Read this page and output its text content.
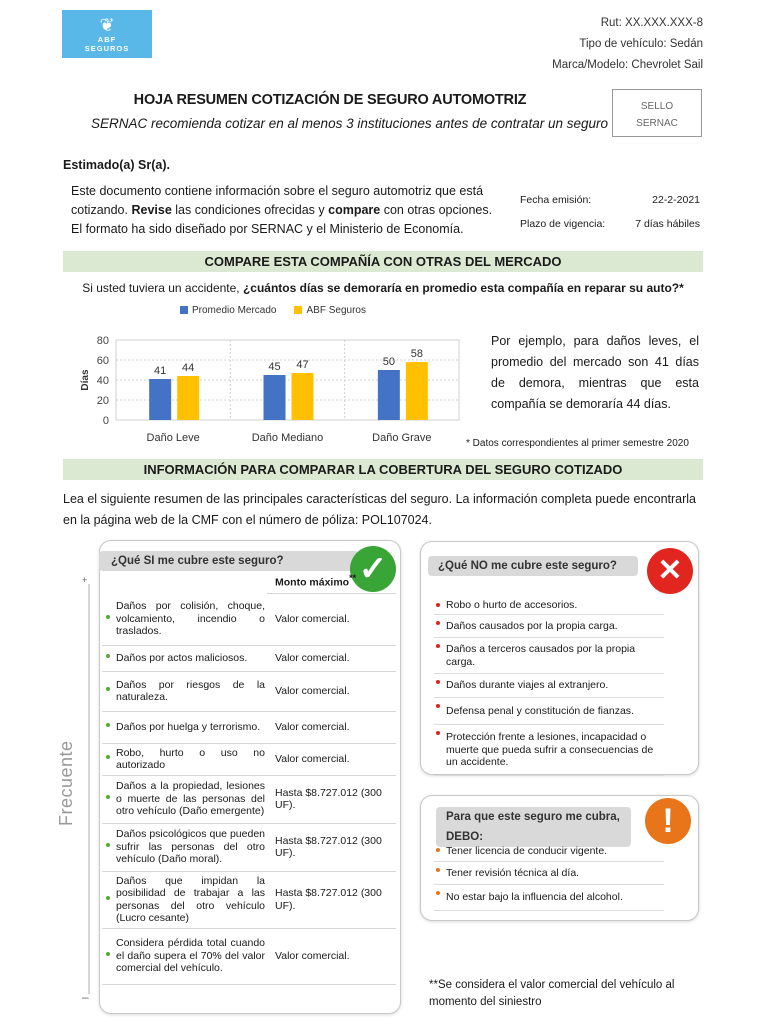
❦
ABF
SEGUROS
Rut: XX.XXX.XXX-8
Tipo de vehículo: Sedán
Marca/Modelo: Chevrolet Sail
HOJA RESUMEN COTIZACIÓN DE SEGURO AUTOMOTRIZ
SERNAC recomienda cotizar en al menos 3 instituciones antes de contratar un seguro
SELLO
SERNAC
Estimado(a) Sr(a).
Este documento contiene información sobre el seguro automotriz que está cotizando. Revise las condiciones ofrecidas y compare con otras opciones. El formato ha sido diseñado por SERNAC y el Ministerio de Economía.
Fecha emisión:	22-2-2021
Plazo de vigencia:	7 días hábiles
COMPARE ESTA COMPAÑÍA CON OTRAS DEL MERCADO
Si usted tuviera un accidente, ¿cuántos días se demoraría en promedio esta compañía en reparar su auto?*
Promedio Mercado	ABF Seguros
0
20
40
60
80
Días	41 44
Daño Leve
45 47
Daño Mediano
50
58
Daño Grave
Por ejemplo, para daños leves, el promedio del mercado son 41 días de demora, mientras que esta compañía se demoraría 44 días.
* Datos correspondientes al primer semestre 2020
INFORMACIÓN PARA COMPARAR LA COBERTURA DEL SEGURO COTIZADO
Lea el siguiente resumen de las principales características del seguro. La información completa puede encontrarla en la página web de la CMF con el número de póliza: POL107024.
¿Qué SI me cubre este seguro?	✓
+
–
Frecuente
	Monto máximo**
Daños por colisión, choque, volcamiento, incendio o traslados.	Valor comercial.
Daños por actos maliciosos.	Valor comercial.
Daños por riesgos de la naturaleza.	Valor comercial.
Daños por huelga y terrorismo.	Valor comercial.
Robo, hurto o uso no autorizado	Valor comercial.
Daños a la propiedad, lesiones o muerte de las personas del otro vehículo (Daño emergente)	Hasta $8.727.012 (300 UF).
Daños psicológicos que pueden sufrir las personas del otro vehículo (Daño moral).	Hasta $8.727.012 (300 UF).
Daños que impidan la posibilidad de trabajar a las personas del otro vehículo (Lucro cesante)	Hasta $8.727.012 (300 UF).
Considera pérdida total cuando el daño supera el 70% del valor comercial del vehículo.	Valor comercial.
¿Qué NO me cubre este seguro?	✕
Robo o hurto de accesorios.
Daños causados por la propia carga.
Daños a terceros causados por la propia carga.
Daños durante viajes al extranjero.
Defensa penal y constitución de fianzas.
Protección frente a lesiones, incapacidad o muerte que pueda sufrir a consecuencias de un accidente.
Para que este seguro me cubra, DEBO:	!
Tener licencia de conducir vigente.
Tener revisión técnica al día.
No estar bajo la influencia del alcohol.
**Se considera el valor comercial del vehículo al momento del siniestro
